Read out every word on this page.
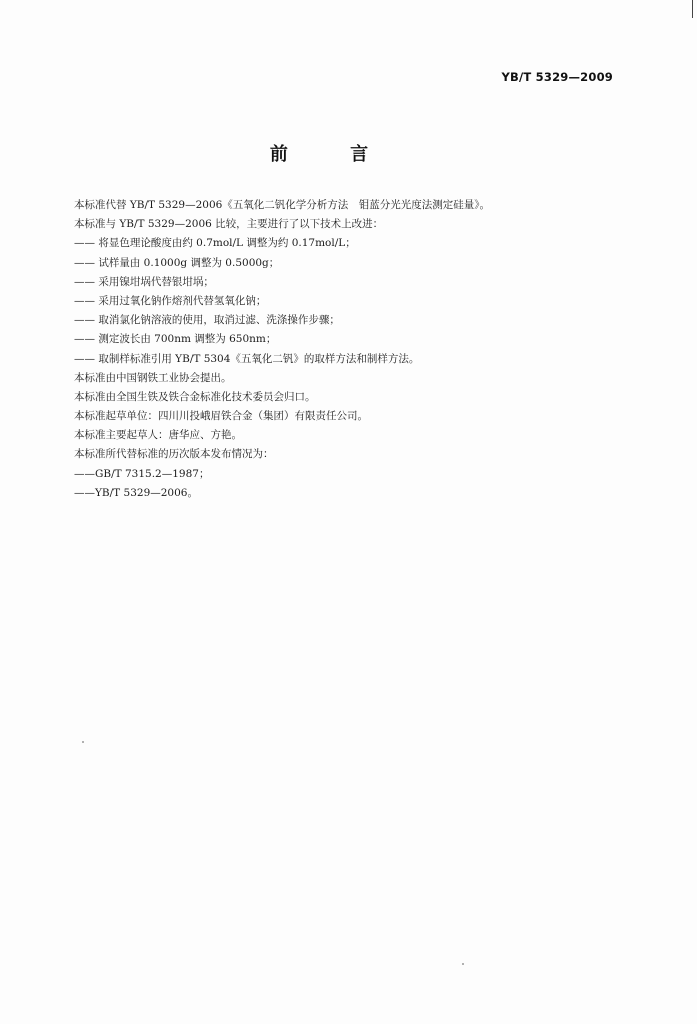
YB/T 5329—2009
前 言
本标准代替 YB/T 5329—2006《五氧化二钒化学分析方法　钼蓝分光光度法测定硅量》。
本标准与 YB/T 5329—2006 比较，主要进行了以下技术上改进：
—— 将显色理论酸度由约 0.7mol/L 调整为约 0.17mol/L；
—— 试样量由 0.1000g 调整为 0.5000g；
—— 采用镍坩埚代替银坩埚；
—— 采用过氧化钠作熔剂代替氢氧化钠；
—— 取消氯化钠溶液的使用，取消过滤、洗涤操作步骤；
—— 测定波长由 700nm 调整为 650nm；
—— 取制样标准引用 YB/T 5304《五氧化二钒》的取样方法和制样方法。
本标准由中国钢铁工业协会提出。
本标准由全国生铁及铁合金标准化技术委员会归口。
本标准起草单位：四川川投峨眉铁合金（集团）有限责任公司。
本标准主要起草人：唐华应、方艳。
本标准所代替标准的历次版本发布情况为：
——GB/T 7315.2—1987；
——YB/T 5329—2006。
